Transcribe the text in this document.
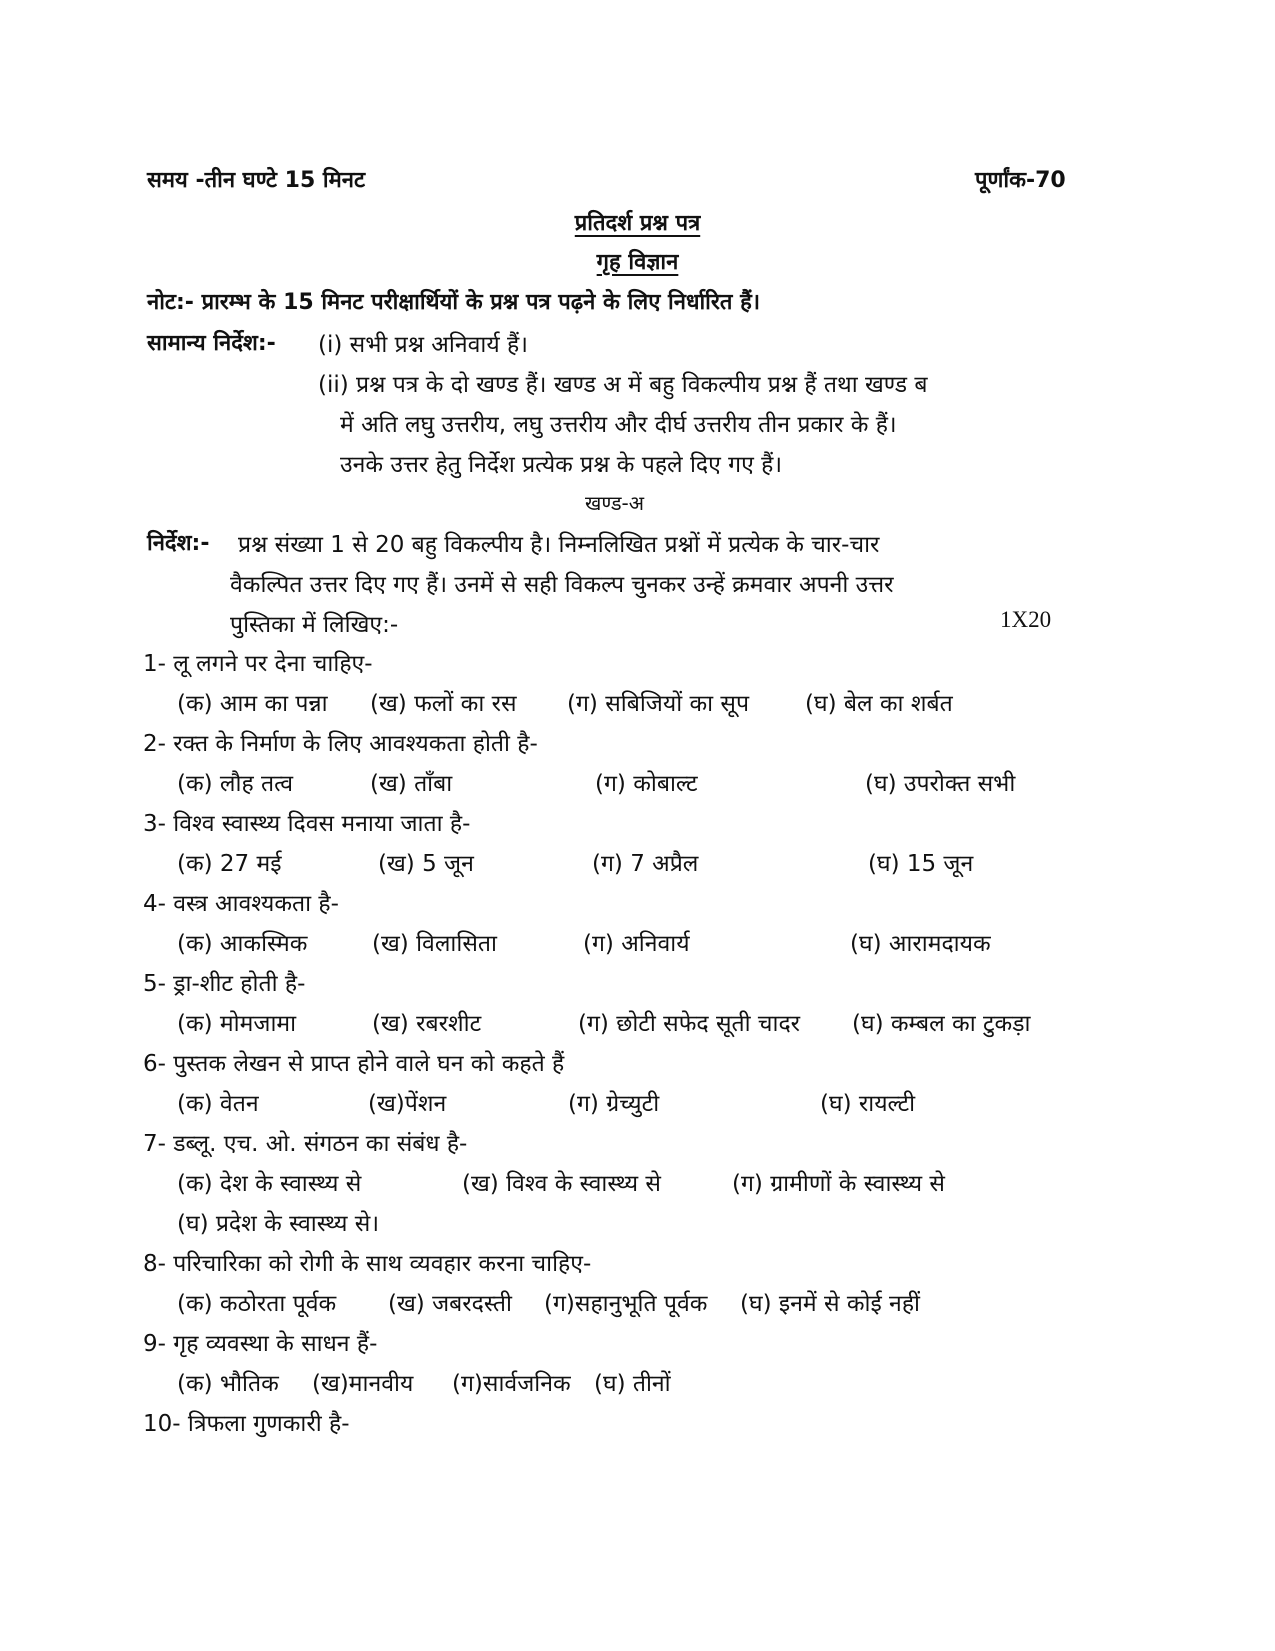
समय -तीन घण्टे 15 मिनट	पूर्णांक-70
प्रतिदर्श प्रश्न पत्र
गृह विज्ञान
नोट:- प्रारम्भ के 15 मिनट परीक्षार्थियों के प्रश्न पत्र पढ़ने के लिए निर्धारित हैं।
सामान्य निर्देश:- (i) सभी प्रश्न अनिवार्य हैं।
(ii) प्रश्न पत्र के दो खण्ड हैं। खण्ड अ में बहु विकल्पीय प्रश्न हैं तथा खण्ड ब
में अति लघु उत्तरीय, लघु उत्तरीय और दीर्घ उत्तरीय तीन प्रकार के हैं।
उनके उत्तर हेतु निर्देश प्रत्येक प्रश्न के पहले दिए गए हैं।
खण्ड-अ
निर्देश:- प्रश्न संख्या 1 से 20 बहु विकल्पीय है। निम्नलिखित प्रश्नों में प्रत्येक के चार-चार
वैकल्पित उत्तर दिए गए हैं। उनमें से सही विकल्प चुनकर उन्हें क्रमवार अपनी उत्तर
पुस्तिका में लिखिए:-	1X20
1- लू लगने पर देना चाहिए-
(क) आम का पन्ना (ख) फलों का रस (ग) सबिजियों का सूप (घ) बेल का शर्बत
2- रक्त के निर्माण के लिए आवश्यकता होती है-
(क) लौह तत्व	(ख) ताँबा	(ग) कोबाल्ट	(घ) उपरोक्त सभी
3- विश्व स्वास्थ्य दिवस मनाया जाता है-
(क) 27 मई	(ख) 5 जून	(ग) 7 अप्रैल	(घ) 15 जून
4- वस्त्र आवश्यकता है-
(क) आकस्मिक	(ख) विलासिता	(ग) अनिवार्य	(घ) आरामदायक
5- ड्रा-शीट होती है-
(क) मोमजामा	(ख) रबरशीट	(ग) छोटी सफेद सूती चादर (घ) कम्बल का टुकड़ा
6- पुस्तक लेखन से प्राप्त होने वाले घन को कहते हैं
(क) वेतन	(ख)पेंशन	(ग) ग्रेच्युटी	(घ) रायल्टी
7- डब्लू. एच. ओ. संगठन का संबंध है-
(क) देश के स्वास्थ्य से	(ख) विश्व के स्वास्थ्य से	(ग) ग्रामीणों के स्वास्थ्य से
(घ) प्रदेश के स्वास्थ्य से।
8- परिचारिका को रोगी के साथ व्यवहार करना चाहिए-
(क) कठोरता पूर्वक (ख) जबरदस्ती (ग)सहानुभूति पूर्वक (घ) इनमें से कोई नहीं
9- गृह व्यवस्था के साधन हैं-
(क) भौतिक (ख)मानवीय (ग)सार्वजनिक (घ) तीनों
10- त्रिफला गुणकारी है-
